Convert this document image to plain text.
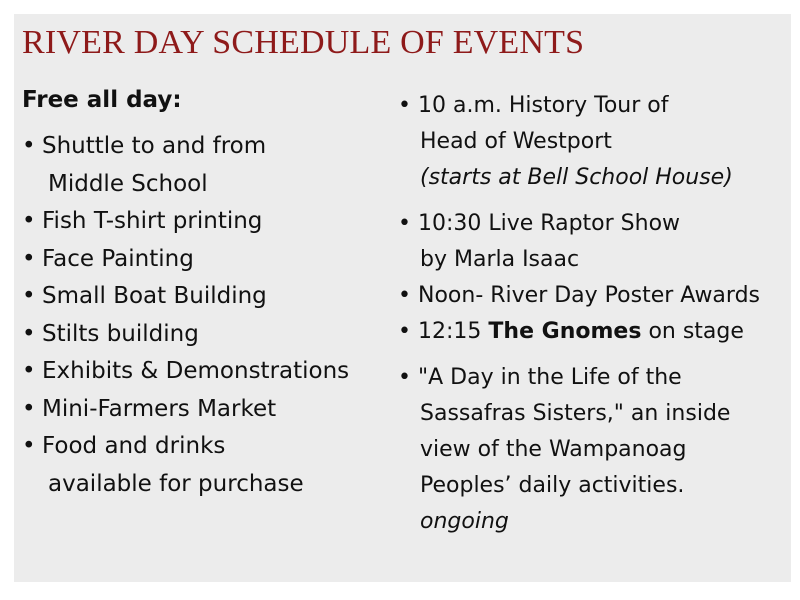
RIVER DAY SCHEDULE OF EVENTS
Free all day:
• Shuttle to and from
Middle School
• Fish T-shirt printing
• Face Painting
• Small Boat Building
• Stilts building
• Exhibits & Demonstrations
• Mini-Farmers Market
• Food and drinks
available for purchase
• 10 a.m. History Tour of
Head of Westport
(starts at Bell School House)
• 10:30 Live Raptor Show
by Marla Isaac
• Noon- River Day Poster Awards
• 12:15 The Gnomes on stage
• "A Day in the Life of the
Sassafras Sisters," an inside
view of the Wampanoag
Peoples’ daily activities.  ongoing
